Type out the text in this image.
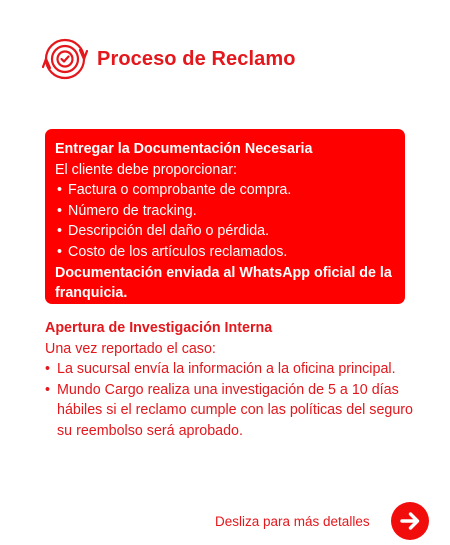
Proceso de Reclamo
Entregar la Documentación Necesaria
El cliente debe proporcionar:
• Factura o comprobante de compra.
• Número de tracking.
• Descripción del daño o pérdida.
• Costo de los artículos reclamados.
Documentación enviada al WhatsApp oficial de la franquicia.
Apertura de Investigación Interna
Una vez reportado el caso:
• La sucursal envía la información a la oficina principal.
• Mundo Cargo realiza una investigación de 5 a 10 días hábiles si el reclamo cumple con las políticas del seguro su reembolso será aprobado.
Desliza para más detalles
